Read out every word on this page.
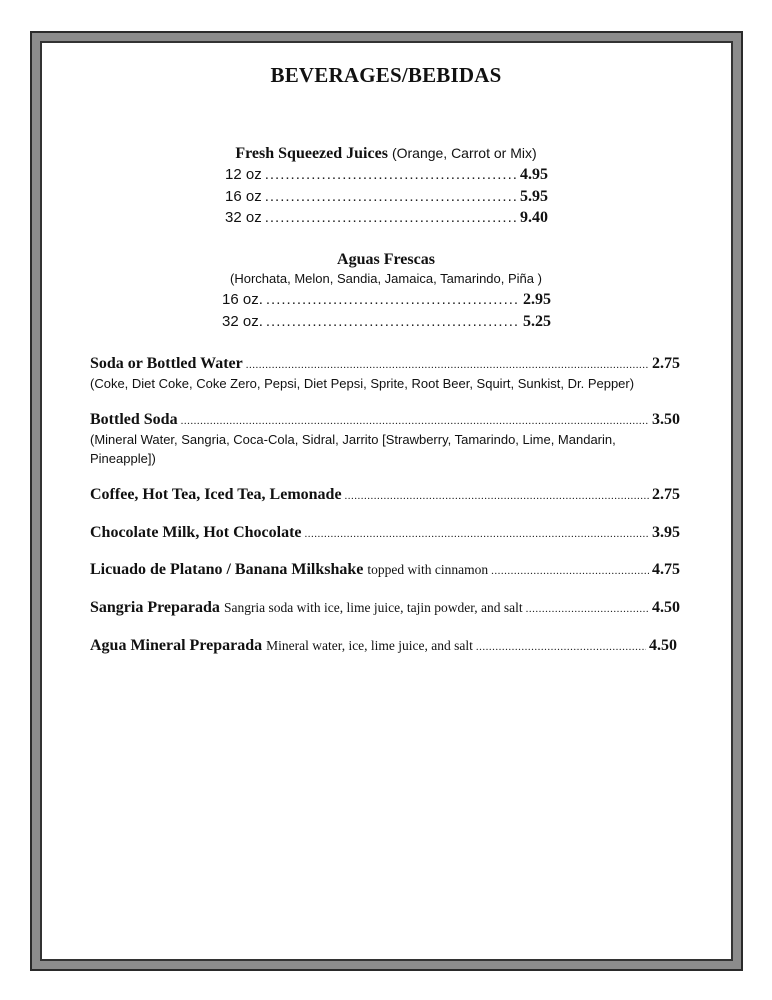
BEVERAGES/BEBIDAS
Fresh Squeezed Juices (Orange, Carrot or Mix)
12 oz .....	4.95
16 oz .....	5.95
32 oz .....	9.40
Aguas Frescas
(Horchata, Melon, Sandia, Jamaica, Tamarindo, Piña )
16 oz. .....	2.95
32 oz. .....	5.25
Soda or Bottled Water .....	2.75
(Coke, Diet Coke, Coke Zero, Pepsi, Diet Pepsi, Sprite, Root Beer, Squirt, Sunkist, Dr. Pepper)
Bottled Soda .....	3.50
(Mineral Water, Sangria, Coca-Cola, Sidral, Jarrito [Strawberry, Tamarindo, Lime, Mandarin, Pineapple])
Coffee, Hot Tea, Iced Tea, Lemonade .....	2.75
Chocolate Milk, Hot Chocolate .....	3.95
Licuado de Platano / Banana Milkshake topped with cinnamon .....	4.75
Sangria Preparada Sangria soda with ice, lime juice, tajin powder, and salt .....	4.50
Agua Mineral Preparada Mineral water, ice, lime juice, and salt .....	4.50
